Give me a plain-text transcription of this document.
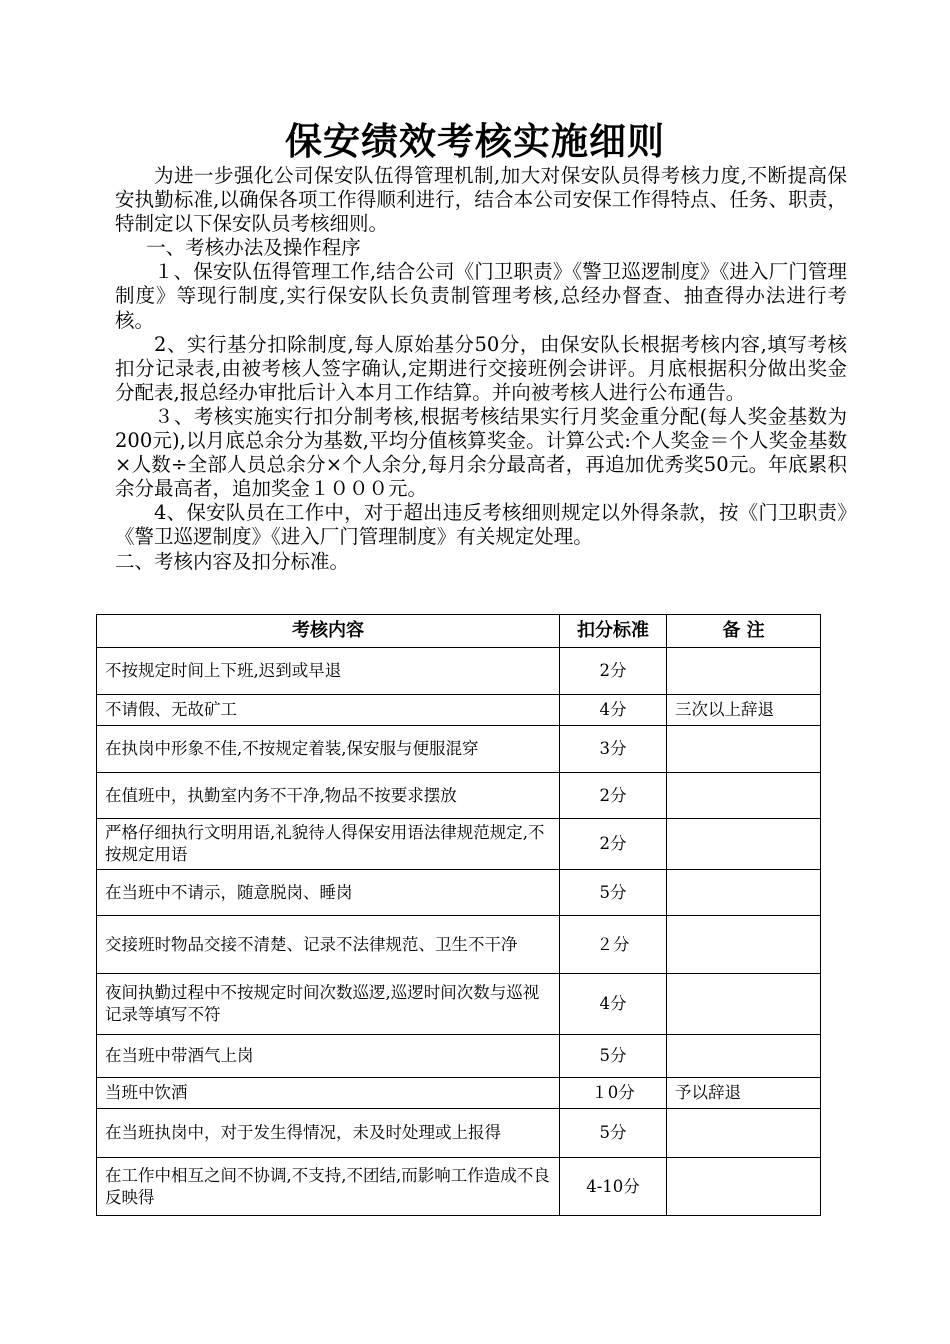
保安绩效考核实施细则

为进一步强化公司保安队伍得管理机制,加大对保安队员得考核力度,不断提高保安执勤标准,以确保各项工作得顺利进行，结合本公司安保工作得特点、任务、职责，特制定以下保安队员考核细则。

一、考核办法及操作程序

１、保安队伍得管理工作,结合公司《门卫职责》《警卫巡逻制度》《进入厂门管理制度》等现行制度,实行保安队长负责制管理考核,总经办督查、抽查得办法进行考核。

2、实行基分扣除制度,每人原始基分50分，由保安队长根据考核内容,填写考核扣分记录表,由被考核人签字确认,定期进行交接班例会讲评。月底根据积分做出奖金分配表,报总经办审批后计入本月工作结算。并向被考核人进行公布通告。

３、考核实施实行扣分制考核,根据考核结果实行月奖金重分配(每人奖金基数为200元),以月底总余分为基数,平均分值核算奖金。计算公式:个人奖金＝个人奖金基数×人数÷全部人员总余分×个人余分,每月余分最高者，再追加优秀奖50元。年底累积余分最高者，追加奖金１０００元。

4、保安队员在工作中，对于超出违反考核细则规定以外得条款，按《门卫职责》《警卫巡逻制度》《进入厂门管理制度》有关规定处理。

二、考核内容及扣分标准。

考核内容	扣分标准	备 注
不按规定时间上下班,迟到或早退	2分	
不请假、无故矿工	4分	三次以上辞退
在执岗中形象不佳,不按规定着装,保安服与便服混穿	3分	
在值班中，执勤室内务不干净,物品不按要求摆放	2分	
严格仔细执行文明用语,礼貌待人得保安用语法律规范规定,不按规定用语	2分	
在当班中不请示，随意脱岗、睡岗	5分	
交接班时物品交接不清楚、记录不法律规范、卫生不干净	２分	
夜间执勤过程中不按规定时间次数巡逻,巡逻时间次数与巡视记录等填写不符	4分	
在当班中带酒气上岗	5分	
当班中饮酒	１0分	予以辞退
在当班执岗中，对于发生得情况，未及时处理或上报得	5分	
在工作中相互之间不协调,不支持,不团结,而影响工作造成不良反映得	4-10分	
